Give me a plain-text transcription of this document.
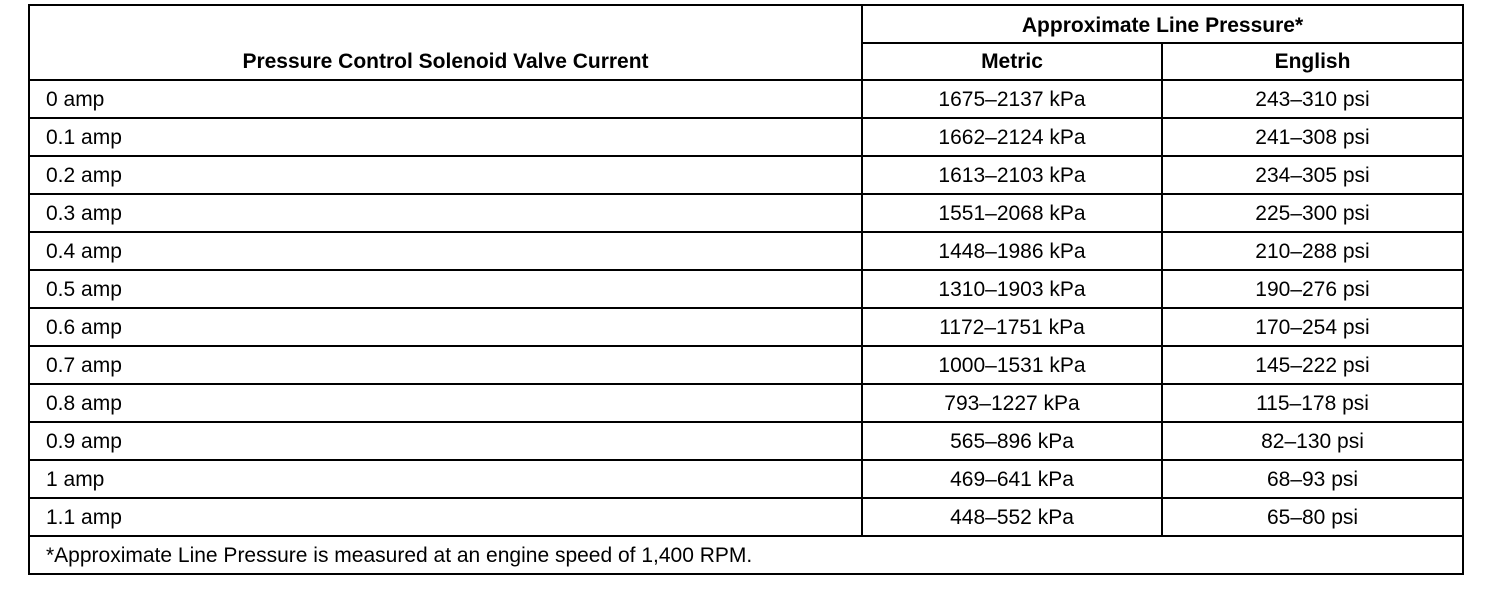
Pressure Control Solenoid Valve Current	Approximate Line Pressure*	
	Metric	English
0 amp	1675–2137 kPa	243–310 psi
0.1 amp	1662–2124 kPa	241–308 psi
0.2 amp	1613–2103 kPa	234–305 psi
0.3 amp	1551–2068 kPa	225–300 psi
0.4 amp	1448–1986 kPa	210–288 psi
0.5 amp	1310–1903 kPa	190–276 psi
0.6 amp	1172–1751 kPa	170–254 psi
0.7 amp	1000–1531 kPa	145–222 psi
0.8 amp	793–1227 kPa	115–178 psi
0.9 amp	565–896 kPa	82–130 psi
1 amp	469–641 kPa	68–93 psi
1.1 amp	448–552 kPa	65–80 psi
*Approximate Line Pressure is measured at an engine speed of 1,400 RPM.		
